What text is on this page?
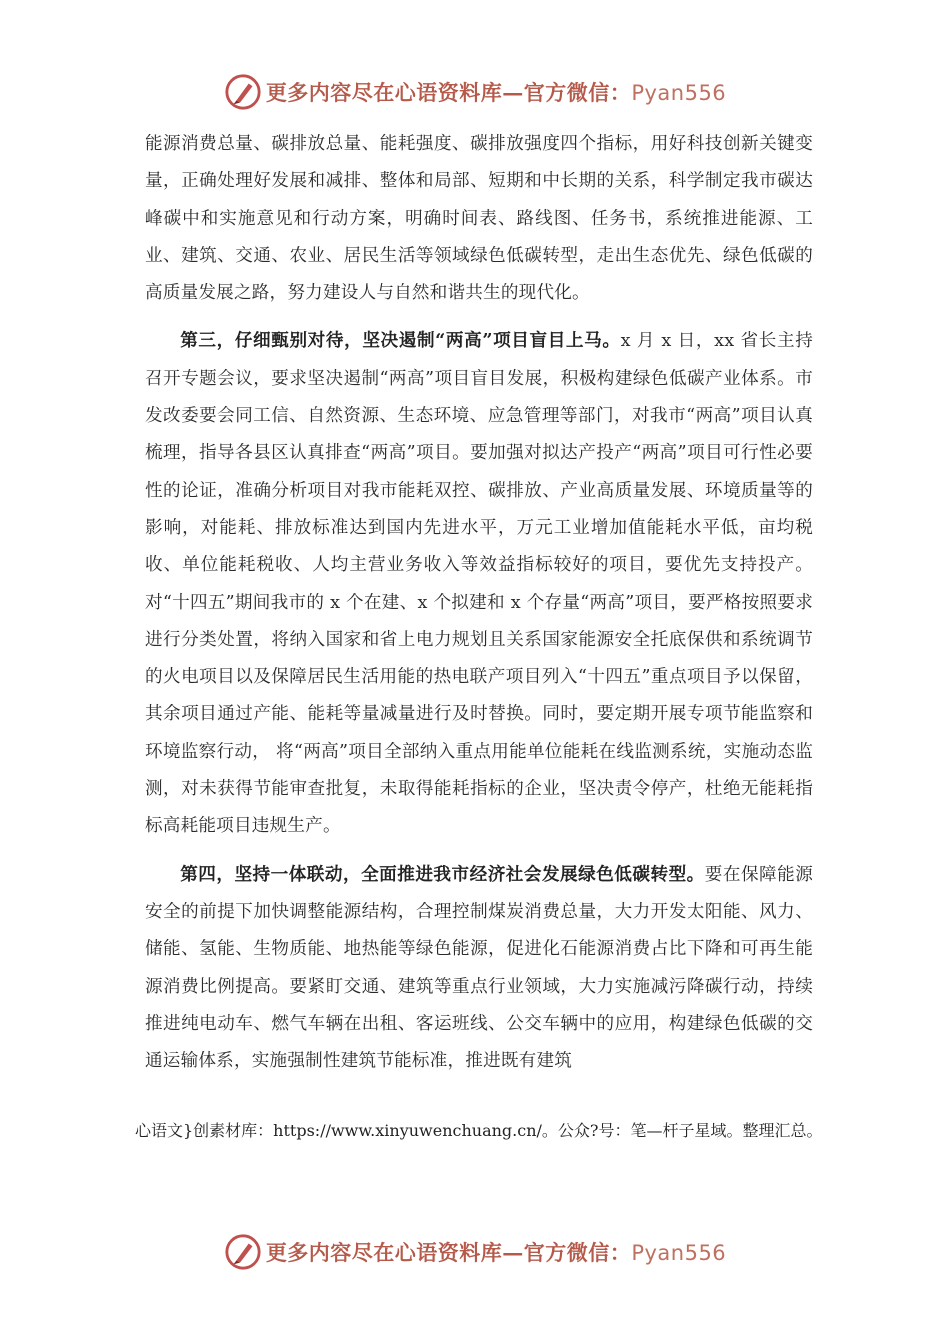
更多内容尽在心语资料库—官方微信：Pyan556

能源消费总量、碳排放总量、能耗强度、碳排放强度四个指标，用好科技创新关键变量，正确处理好发展和减排、整体和局部、短期和中长期的关系，科学制定我市碳达峰碳中和实施意见和行动方案，明确时间表、路线图、任务书，系统推进能源、工业、建筑、交通、农业、居民生活等领域绿色低碳转型，走出生态优先、绿色低碳的高质量发展之路，努力建设人与自然和谐共生的现代化。

第三，仔细甄别对待，坚决遏制“两高”项目盲目上马。x 月 x 日，xx 省长主持召开专题会议，要求坚决遏制“两高”项目盲目发展，积极构建绿色低碳产业体系。市发改委要会同工信、自然资源、生态环境、应急管理等部门，对我市“两高”项目认真梳理，指导各县区认真排查“两高”项目。要加强对拟达产投产“两高”项目可行性必要性的论证，准确分析项目对我市能耗双控、碳排放、产业高质量发展、环境质量等的影响，对能耗、排放标准达到国内先进水平，万元工业增加值能耗水平低，亩均税收、单位能耗税收、人均主营业务收入等效益指标较好的项目，要优先支持投产。对“十四五”期间我市的 x 个在建、x 个拟建和 x 个存量“两高”项目，要严格按照要求进行分类处置，将纳入国家和省上电力规划且关系国家能源安全托底保供和系统调节的火电项目以及保障居民生活用能的热电联产项目列入“十四五”重点项目予以保留，其余项目通过产能、能耗等量减量进行及时替换。同时，要定期开展专项节能监察和环境监察行动， 将“两高”项目全部纳入重点用能单位能耗在线监测系统，实施动态监测，对未获得节能审查批复，未取得能耗指标的企业，坚决责令停产，杜绝无能耗指标高耗能项目违规生产。

第四，坚持一体联动，全面推进我市经济社会发展绿色低碳转型。要在保障能源安全的前提下加快调整能源结构，合理控制煤炭消费总量，大力开发太阳能、风力、储能、氢能、生物质能、地热能等绿色能源，促进化石能源消费占比下降和可再生能源消费比例提高。要紧盯交通、建筑等重点行业领域，大力实施减污降碳行动，持续推进纯电动车、燃气车辆在出租、客运班线、公交车辆中的应用，构建绿色低碳的交通运输体系，实施强制性建筑节能标准，推进既有建筑

心语文}创素材库：https://www.xinyuwenchuang.cn/。公众?号：笔—杆子星域。整理汇总。
更多内容尽在心语资料库—官方微信：Pyan556
